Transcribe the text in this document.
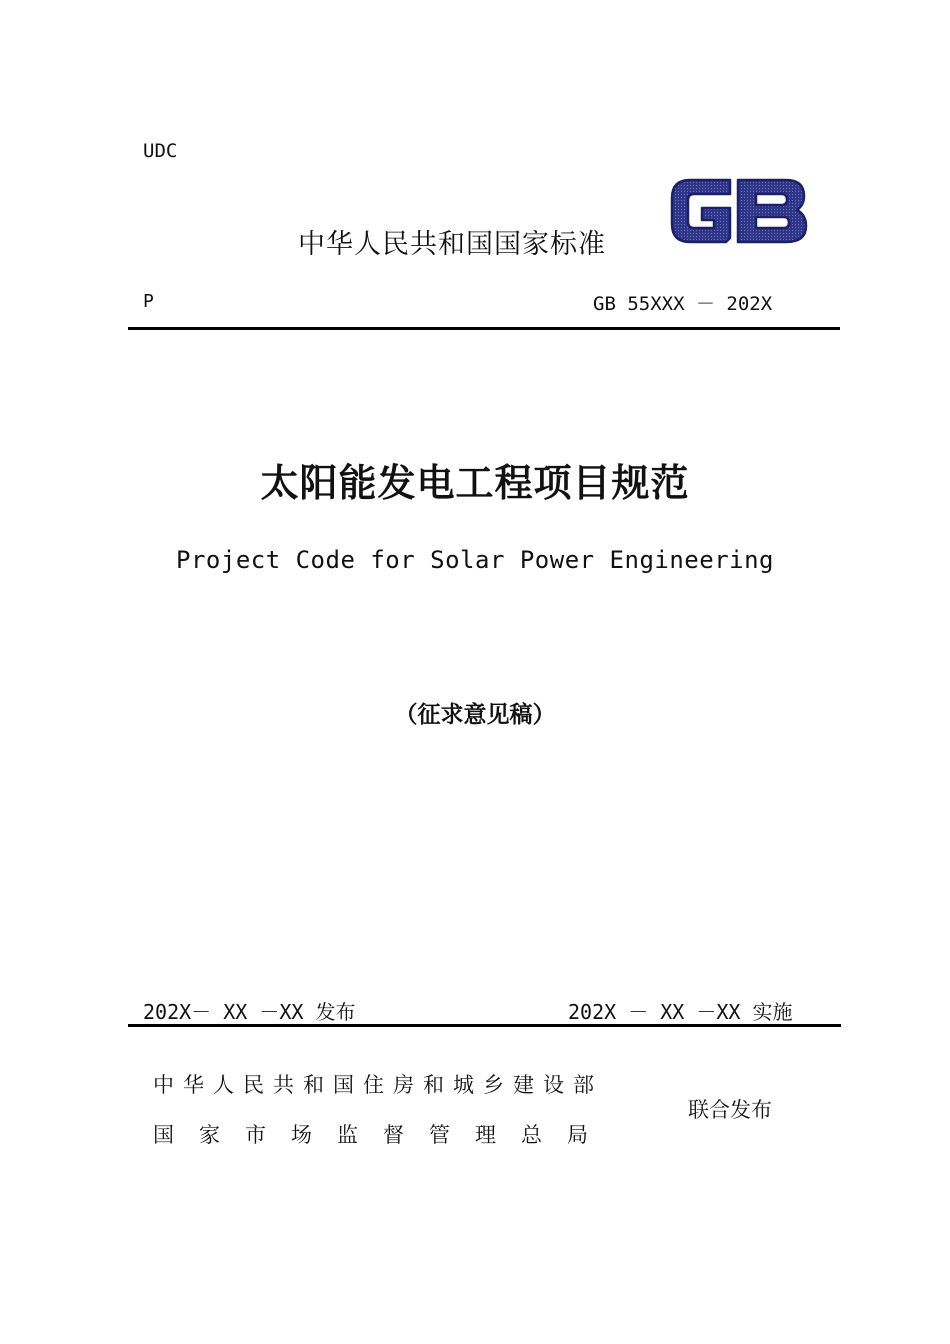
UDC
中华人民共和国国家标准
P	GB 55XXX － 202X
太阳能发电工程项目规范
Project Code for Solar Power Engineering
（征求意见稿）
202X－ XX －XX 发布	202X － XX －XX 实施
中华人民共和国住房和城乡建设部
国家市场监督管理总局
联合发布
